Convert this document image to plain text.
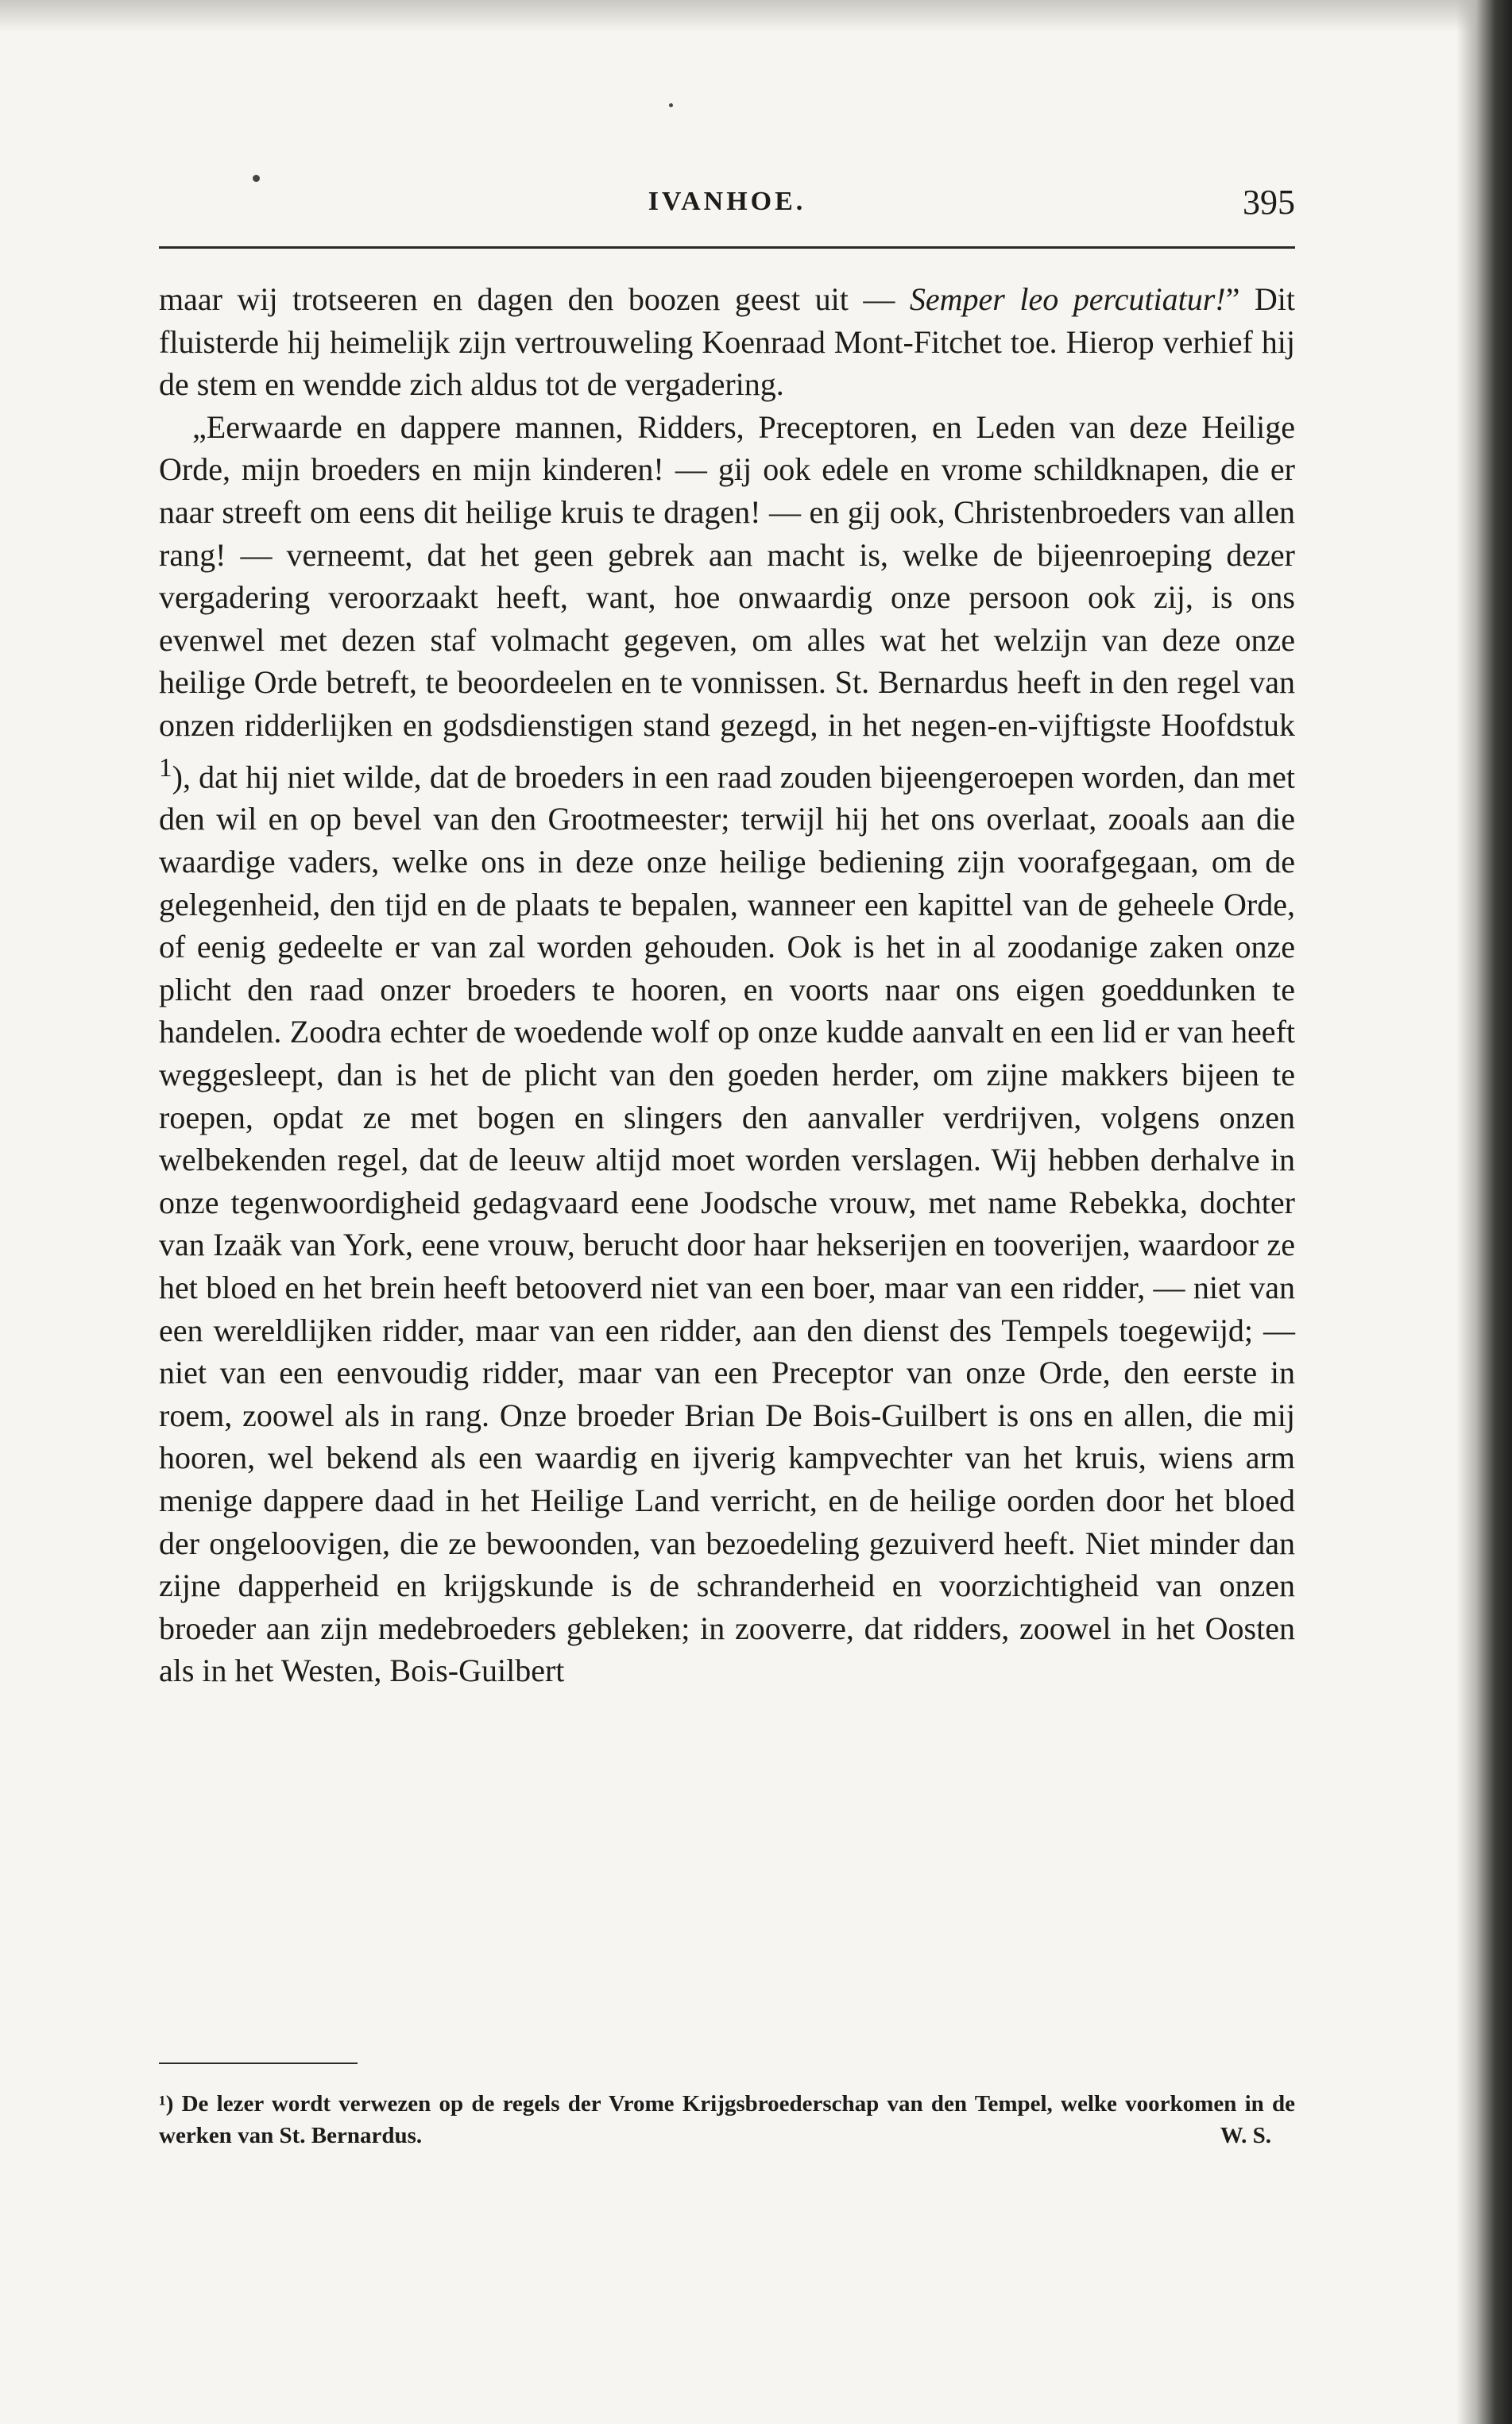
IVANHOE.	395

maar wij trotseeren en dagen den boozen geest uit — Semper leo percutiatur!” Dit fluisterde hij heimelijk zijn vertrouweling Koenraad Mont-Fitchet toe. Hierop verhief hij de stem en wendde zich aldus tot de vergadering.

„Eerwaarde en dappere mannen, Ridders, Preceptoren, en Leden van deze Heilige Orde, mijn broeders en mijn kinderen! — gij ook edele en vrome schildknapen, die er naar streeft om eens dit heilige kruis te dragen! — en gij ook, Christenbroeders van allen rang! — verneemt, dat het geen gebrek aan macht is, welke de bijeenroeping dezer vergadering veroorzaakt heeft, want, hoe onwaardig onze persoon ook zij, is ons evenwel met dezen staf volmacht gegeven, om alles wat het welzijn van deze onze heilige Orde betreft, te beoordeelen en te vonnissen. St. Bernardus heeft in den regel van onzen ridderlijken en godsdienstigen stand gezegd, in het negen-en-vijftigste Hoofdstuk $^1$), dat hij niet wilde, dat de broeders in een raad zouden bijeengeroepen worden, dan met den wil en op bevel van den Grootmeester; terwijl hij het ons overlaat, zooals aan die waardige vaders, welke ons in deze onze heilige bediening zijn voorafgegaan, om de gelegenheid, den tijd en de plaats te bepalen, wanneer een kapittel van de geheele Orde, of eenig gedeelte er van zal worden gehouden. Ook is het in al zoodanige zaken onze plicht den raad onzer broeders te hooren, en voorts naar ons eigen goeddunken te handelen. Zoodra echter de woedende wolf op onze kudde aanvalt en een lid er van heeft weggesleept, dan is het de plicht van den goeden herder, om zijne makkers bijeen te roepen, opdat ze met bogen en slingers den aanvaller verdrijven, volgens onzen welbekenden regel, dat de leeuw altijd moet worden verslagen. Wij hebben derhalve in onze tegenwoordigheid gedagvaard eene Joodsche vrouw, met name Rebekka, dochter van Izaäk van York, eene vrouw, berucht door haar hekserijen en tooverijen, waardoor ze het bloed en het brein heeft betooverd niet van een boer, maar van een ridder, — niet van een wereldlijken ridder, maar van een ridder, aan den dienst des Tempels toegewijd; — niet van een eenvoudig ridder, maar van een Preceptor van onze Orde, den eerste in roem, zoowel als in rang. Onze broeder Brian De Bois-Guilbert is ons en allen, die mij hooren, wel bekend als een waardig en ijverig kampvechter van het kruis, wiens arm menige dappere daad in het Heilige Land verricht, en de heilige oorden door het bloed der ongeloovigen, die ze bewoonden, van bezoedeling gezuiverd heeft. Niet minder dan zijne dapperheid en krijgskunde is de schranderheid en voorzichtigheid van onzen broeder aan zijn medebroeders gebleken; in zooverre, dat ridders, zoowel in het Oosten als in het Westen, Bois-Guilbert

¹) De lezer wordt verwezen op de regels der Vrome Krijgsbroederschap van den Tempel, welke voorkomen in de werken van St. Bernardus.	W. S.
